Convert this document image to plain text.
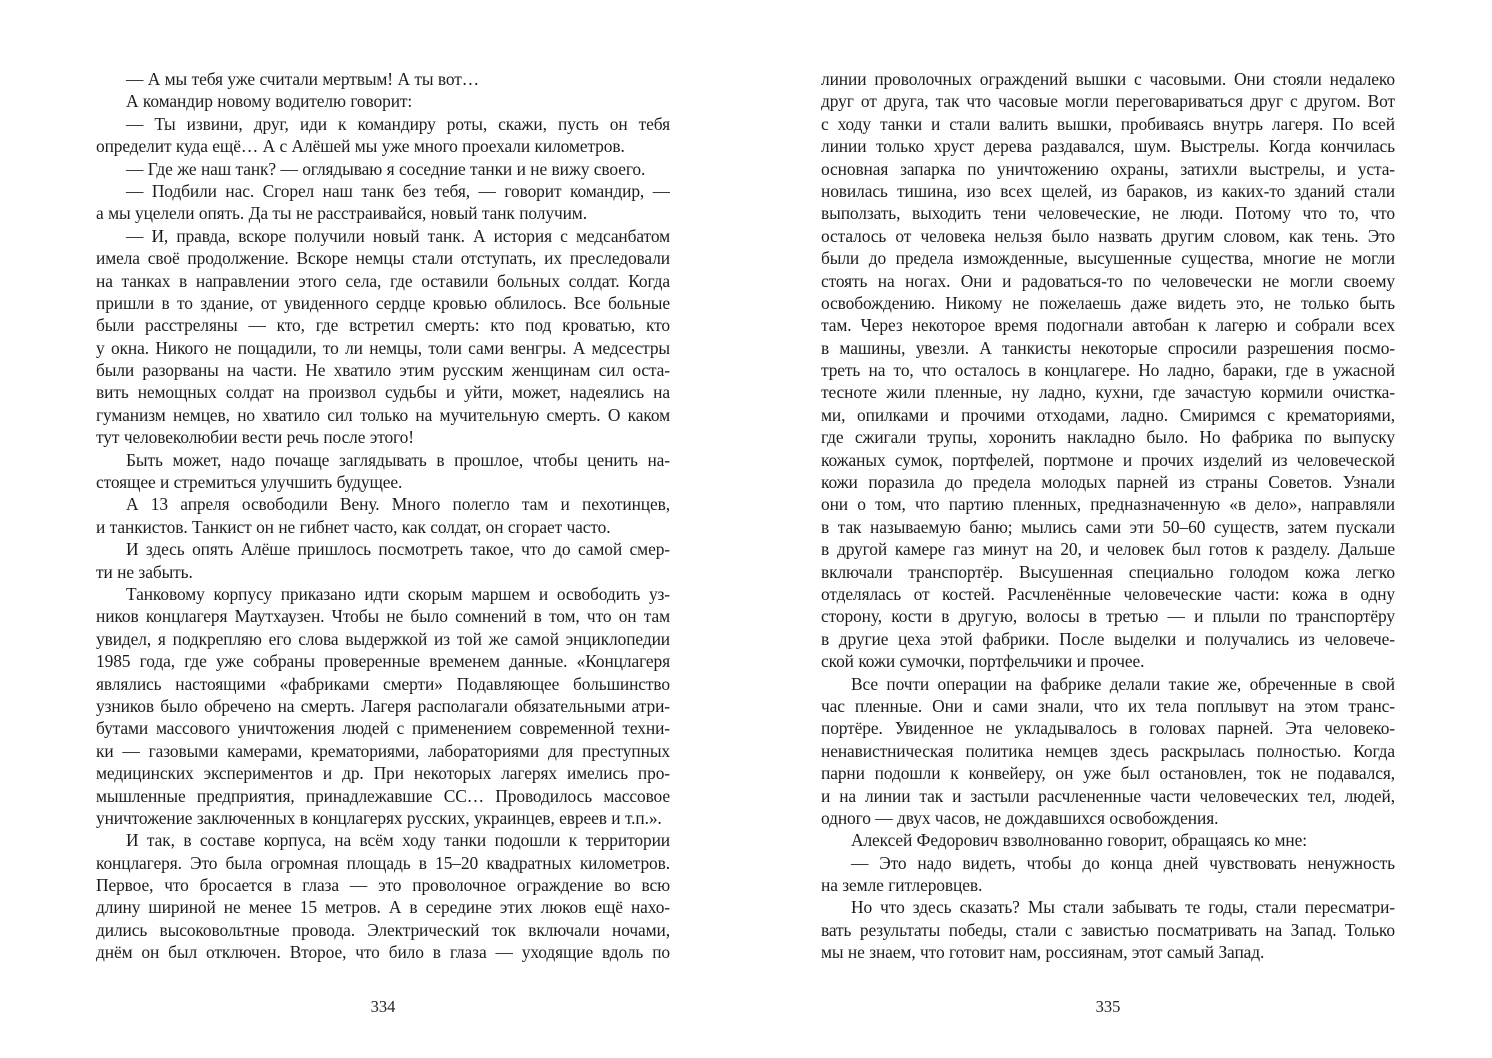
— А мы тебя уже считали мертвым! А ты вот…
А командир новому водителю говорит:
— Ты извини, друг, иди к командиру роты, скажи, пусть он тебя
определит куда ещё… А с Алёшей мы уже много проехали километров.
— Где же наш танк? — оглядываю я соседние танки и не вижу своего.
— Подбили нас. Сгорел наш танк без тебя, — говорит командир, —
а мы уцелели опять. Да ты не расстраивайся, новый танк получим.
— И, правда, вскоре получили новый танк. А история с медсанбатом
имела своё продолжение. Вскоре немцы стали отступать, их преследовали
на танках в направлении этого села, где оставили больных солдат. Когда
пришли в то здание, от увиденного сердце кровью облилось. Все больные
были расстреляны — кто, где встретил смерть: кто под кроватью, кто
у окна. Никого не пощадили, то ли немцы, толи сами венгры. А медсестры
были разорваны на части. Не хватило этим русским женщинам сил оста-
вить немощных солдат на произвол судьбы и уйти, может, надеялись на
гуманизм немцев, но хватило сил только на мучительную смерть. О каком
тут человеколюбии вести речь после этого!
Быть может, надо почаще заглядывать в прошлое, чтобы ценить на-
стоящее и стремиться улучшить будущее.
А 13 апреля освободили Вену. Много полегло там и пехотинцев,
и танкистов. Танкист он не гибнет часто, как солдат, он сгорает часто.
И здесь опять Алёше пришлось посмотреть такое, что до самой смер-
ти не забыть.
Танковому корпусу приказано идти скорым маршем и освободить уз-
ников концлагеря Маутхаузен. Чтобы не было сомнений в том, что он там
увидел, я подкрепляю его слова выдержкой из той же самой энциклопедии
1985 года, где уже собраны проверенные временем данные. «Концлагеря
являлись настоящими «фабриками смерти» Подавляющее большинство
узников было обречено на смерть. Лагеря располагали обязательными атри-
бутами массового уничтожения людей с применением современной техни-
ки — газовыми камерами, крематориями, лабораториями для преступных
медицинских экспериментов и др. При некоторых лагерях имелись про-
мышленные предприятия, принадлежавшие СС… Проводилось массовое
уничтожение заключенных в концлагерях русских, украинцев, евреев и т.п.».
И так, в составе корпуса, на всём ходу танки подошли к территории
концлагеря. Это была огромная площадь в 15–20 квадратных километров.
Первое, что бросается в глаза — это проволочное ограждение во всю
длину шириной не менее 15 метров. А в середине этих люков ещё нахо-
дились высоковольтные провода. Электрический ток включали ночами,
днём он был отключен. Второе, что било в глаза — уходящие вдоль по
линии проволочных ограждений вышки с часовыми. Они стояли недалеко
друг от друга, так что часовые могли переговариваться друг с другом. Вот
с ходу танки и стали валить вышки, пробиваясь внутрь лагеря. По всей
линии только хруст дерева раздавался, шум. Выстрелы. Когда кончилась
основная запарка по уничтожению охраны, затихли выстрелы, и уста-
новилась тишина, изо всех щелей, из бараков, из каких-то зданий стали
выползать, выходить тени человеческие, не люди. Потому что то, что
осталось от человека нельзя было назвать другим словом, как тень. Это
были до предела изможденные, высушенные существа, многие не могли
стоять на ногах. Они и радоваться-то по человечески не могли своему
освобождению. Никому не пожелаешь даже видеть это, не только быть
там. Через некоторое время подогнали автобан к лагерю и собрали всех
в машины, увезли. А танкисты некоторые спросили разрешения посмо-
треть на то, что осталось в концлагере. Но ладно, бараки, где в ужасной
тесноте жили пленные, ну ладно, кухни, где зачастую кормили очистка-
ми, опилками и прочими отходами, ладно. Смиримся с крематориями,
где сжигали трупы, хоронить накладно было. Но фабрика по выпуску
кожаных сумок, портфелей, портмоне и прочих изделий из человеческой
кожи поразила до предела молодых парней из страны Советов. Узнали
они о том, что партию пленных, предназначенную «в дело», направляли
в так называемую баню; мылись сами эти 50–60 существ, затем пускали
в другой камере газ минут на 20, и человек был готов к разделу. Дальше
включали транспортёр. Высушенная специально голодом кожа легко
отделялась от костей. Расчленённые человеческие части: кожа в одну
сторону, кости в другую, волосы в третью — и плыли по транспортёру
в другие цеха этой фабрики. После выделки и получались из человече-
ской кожи сумочки, портфельчики и прочее.
Все почти операции на фабрике делали такие же, обреченные в свой
час пленные. Они и сами знали, что их тела поплывут на этом транс-
портёре. Увиденное не укладывалось в головах парней. Эта человеко-
ненавистническая политика немцев здесь раскрылась полностью. Когда
парни подошли к конвейеру, он уже был остановлен, ток не подавался,
и на линии так и застыли расчлененные части человеческих тел, людей,
одного — двух часов, не дождавшихся освобождения.
Алексей Федорович взволнованно говорит, обращаясь ко мне:
— Это надо видеть, чтобы до конца дней чувствовать ненужность
на земле гитлеровцев.
Но что здесь сказать? Мы стали забывать те годы, стали пересматри-
вать результаты победы, стали с завистью посматривать на Запад. Только
мы не знаем, что готовит нам, россиянам, этот самый Запад.
334	335
